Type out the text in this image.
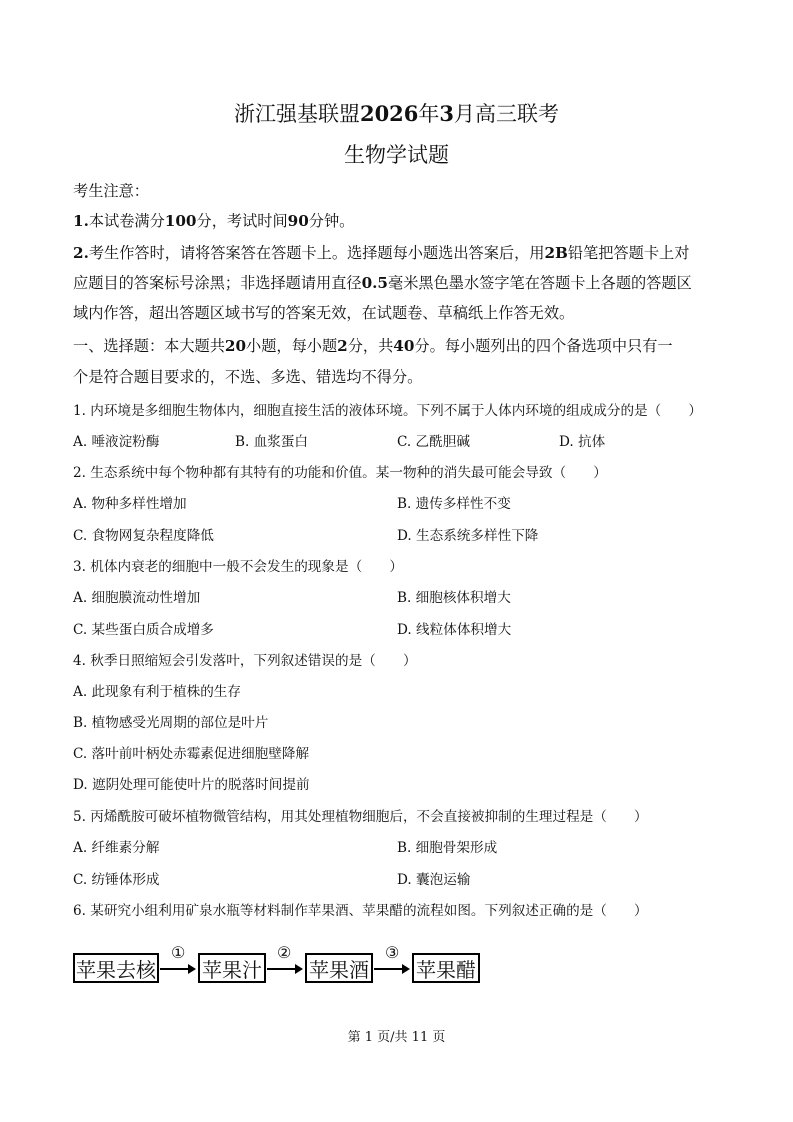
浙江强基联盟2026年3月高三联考
生物学试题
考生注意：
1.本试卷满分100分，考试时间90分钟。
2.考生作答时，请将答案答在答题卡上。选择题每小题选出答案后，用2B铅笔把答题卡上对
应题目的答案标号涂黑；非选择题请用直径0.5毫米黑色墨水签字笔在答题卡上各题的答题区
域内作答，超出答题区域书写的答案无效，在试题卷、草稿纸上作答无效。
一、选择题：本大题共20小题，每小题2分，共40分。每小题列出的四个备选项中只有一
个是符合题目要求的，不选、多选、错选均不得分。
1. 内环境是多细胞生物体内，细胞直接生活的液体环境。下列不属于人体内环境的组成成分的是（　　）
A. 唾液淀粉酶	B. 血浆蛋白	C. 乙酰胆碱	D. 抗体
2. 生态系统中每个物种都有其特有的功能和价值。某一物种的消失最可能会导致（　　）
A. 物种多样性增加	B. 遗传多样性不变
C. 食物网复杂程度降低	D. 生态系统多样性下降
3. 机体内衰老的细胞中一般不会发生的现象是（　　）
A. 细胞膜流动性增加	B. 细胞核体积增大
C. 某些蛋白质合成增多	D. 线粒体体积增大
4. 秋季日照缩短会引发落叶，下列叙述错误的是（　　）
A. 此现象有利于植株的生存
B. 植物感受光周期的部位是叶片
C. 落叶前叶柄处赤霉素促进细胞壁降解
D. 遮阴处理可能使叶片的脱落时间提前
5. 丙烯酰胺可破坏植物微管结构，用其处理植物细胞后，不会直接被抑制的生理过程是（　　）
A. 纤维素分解	B. 细胞骨架形成
C. 纺锤体形成	D. 囊泡运输
6. 某研究小组利用矿泉水瓶等材料制作苹果酒、苹果醋的流程如图。下列叙述正确的是（　　）
苹果去核
①
苹果汁
②
苹果酒
③
苹果醋
第 1 页/共 11 页
